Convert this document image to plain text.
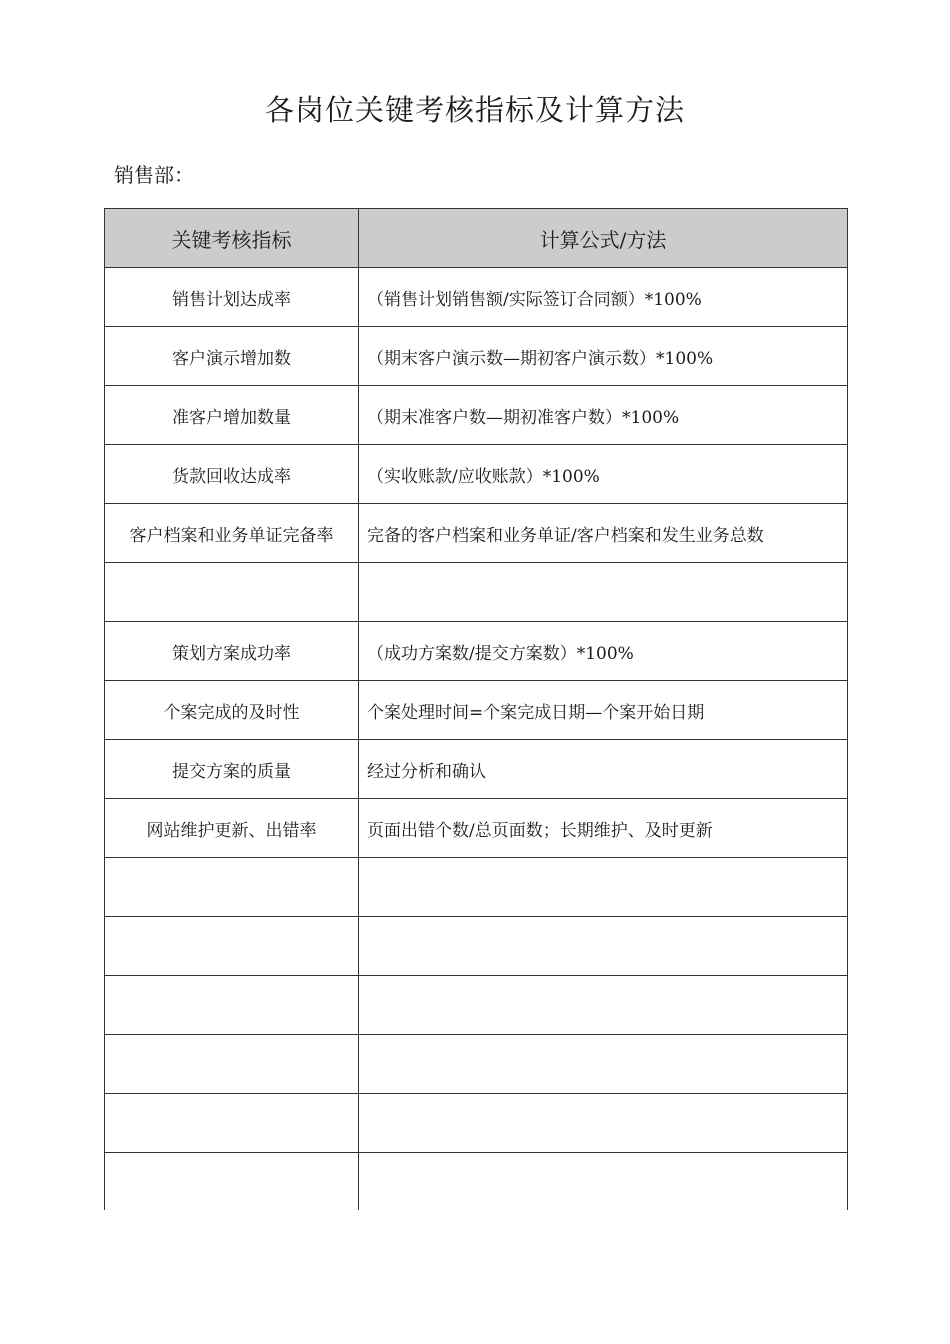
各岗位关键考核指标及计算方法
销售部：
关键考核指标	计算公式/方法
销售计划达成率	（销售计划销售额/实际签订合同额）*100%
客户演示增加数	（期末客户演示数—期初客户演示数）*100%
准客户增加数量	（期末准客户数—期初准客户数）*100%
货款回收达成率	（实收账款/应收账款）*100%
客户档案和业务单证完备率	完备的客户档案和业务单证/客户档案和发生业务总数

策划方案成功率	（成功方案数/提交方案数）*100%
个案完成的及时性	个案处理时间=个案完成日期—个案开始日期
提交方案的质量	经过分析和确认
网站维护更新、出错率	页面出错个数/总页面数；长期维护、及时更新
